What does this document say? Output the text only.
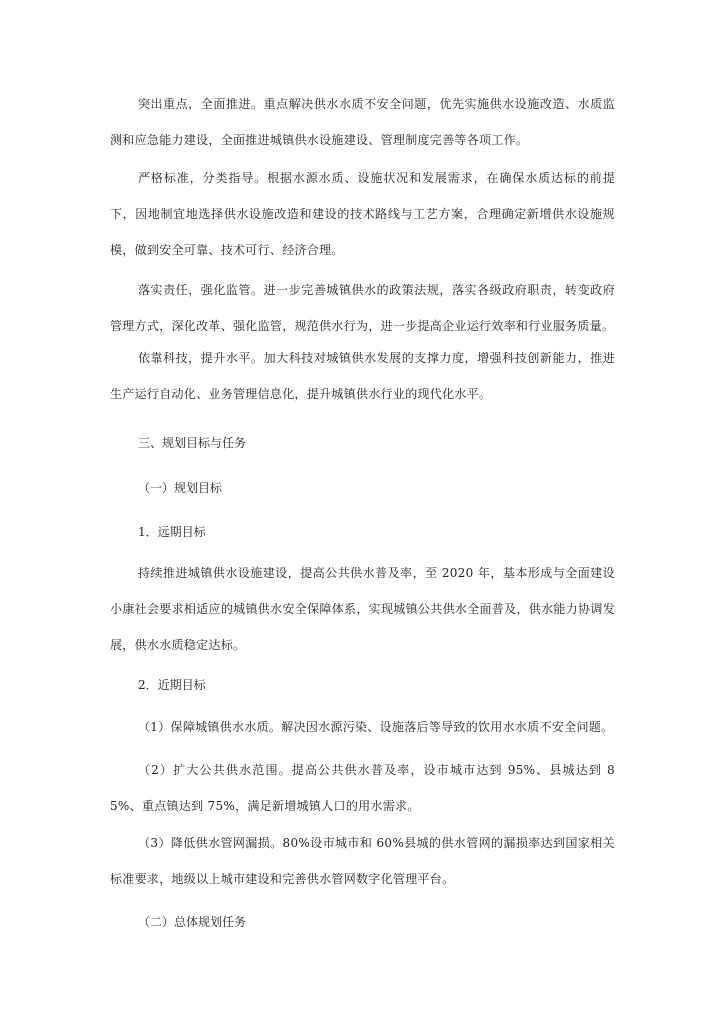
突出重点，全面推进。重点解决供水水质不安全问题，优先实施供水设施改造、水质监测和应急能力建设，全面推进城镇供水设施建设、管理制度完善等各项工作。

严格标准，分类指导。根据水源水质、设施状况和发展需求，在确保水质达标的前提下，因地制宜地选择供水设施改造和建设的技术路线与工艺方案，合理确定新增供水设施规模，做到安全可靠、技术可行、经济合理。

落实责任，强化监管。进一步完善城镇供水的政策法规，落实各级政府职责，转变政府管理方式，深化改革、强化监管，规范供水行为，进一步提高企业运行效率和行业服务质量。

依靠科技，提升水平。加大科技对城镇供水发展的支撑力度，增强科技创新能力，推进生产运行自动化、业务管理信息化，提升城镇供水行业的现代化水平。

三、规划目标与任务
（一）规划目标
1．远期目标

持续推进城镇供水设施建设，提高公共供水普及率，至 2020 年，基本形成与全面建设小康社会要求相适应的城镇供水安全保障体系，实现城镇公共供水全面普及，供水能力协调发展，供水水质稳定达标。

2．近期目标

（1）保障城镇供水水质。解决因水源污染、设施落后等导致的饮用水水质不安全问题。

（2）扩大公共供水范围。提高公共供水普及率，设市城市达到 95%、县城达到 85%、重点镇达到 75%，满足新增城镇人口的用水需求。

（3）降低供水管网漏损。80%设市城市和 60%县城的供水管网的漏损率达到国家相关标准要求，地级以上城市建设和完善供水管网数字化管理平台。

（二）总体规划任务
